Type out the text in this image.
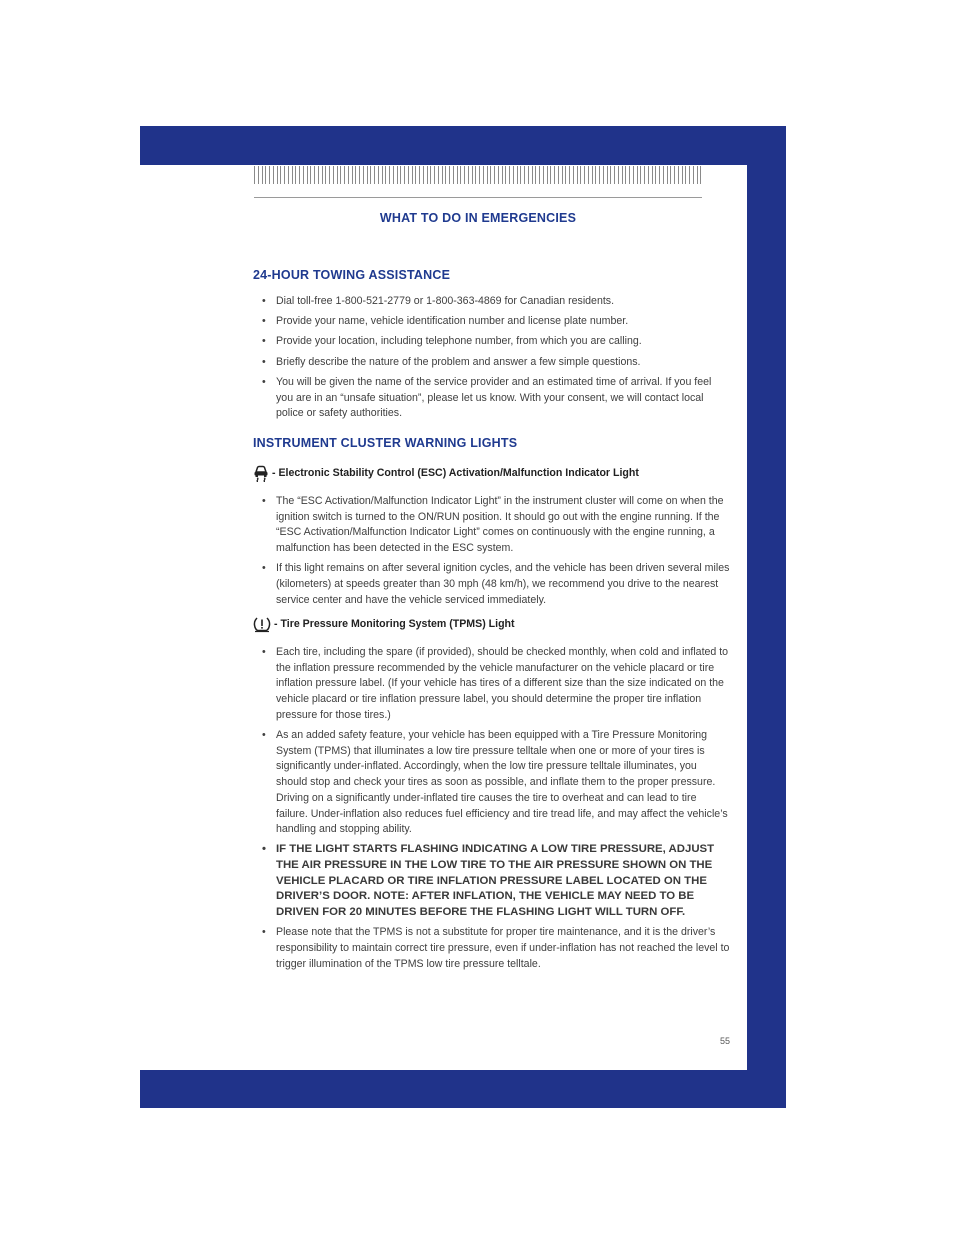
WHAT TO DO IN EMERGENCIES
24-HOUR TOWING ASSISTANCE
• Dial toll-free 1-800-521-2779 or 1-800-363-4869 for Canadian residents.
• Provide your name, vehicle identification number and license plate number.
• Provide your location, including telephone number, from which you are calling.
• Briefly describe the nature of the problem and answer a few simple questions.
• You will be given the name of the service provider and an estimated time of arrival. If you feel you are in an “unsafe situation”, please let us know. With your consent, we will contact local police or safety authorities.
INSTRUMENT CLUSTER WARNING LIGHTS
- Electronic Stability Control (ESC) Activation/Malfunction Indicator Light
• The “ESC Activation/Malfunction Indicator Light” in the instrument cluster will come on when the ignition switch is turned to the ON/RUN position. It should go out with the engine running. If the “ESC Activation/Malfunction Indicator Light” comes on continuously with the engine running, a malfunction has been detected in the ESC system.
• If this light remains on after several ignition cycles, and the vehicle has been driven several miles (kilometers) at speeds greater than 30 mph (48 km/h), we recommend you drive to the nearest service center and have the vehicle serviced immediately.
- Tire Pressure Monitoring System (TPMS) Light
• Each tire, including the spare (if provided), should be checked monthly, when cold and inflated to the inflation pressure recommended by the vehicle manufacturer on the vehicle placard or tire inflation pressure label. (If your vehicle has tires of a different size than the size indicated on the vehicle placard or tire inflation pressure label, you should determine the proper tire inflation pressure for those tires.)
• As an added safety feature, your vehicle has been equipped with a Tire Pressure Monitoring System (TPMS) that illuminates a low tire pressure telltale when one or more of your tires is significantly under-inflated. Accordingly, when the low tire pressure telltale illuminates, you should stop and check your tires as soon as possible, and inflate them to the proper pressure. Driving on a significantly under-inflated tire causes the tire to overheat and can lead to tire failure. Under-inflation also reduces fuel efficiency and tire tread life, and may affect the vehicle’s handling and stopping ability.
• IF THE LIGHT STARTS FLASHING INDICATING A LOW TIRE PRESSURE, ADJUST THE AIR PRESSURE IN THE LOW TIRE TO THE AIR PRESSURE SHOWN ON THE VEHICLE PLACARD OR TIRE INFLATION PRESSURE LABEL LOCATED ON THE DRIVER’S DOOR. NOTE: AFTER INFLATION, THE VEHICLE MAY NEED TO BE DRIVEN FOR 20 MINUTES BEFORE THE FLASHING LIGHT WILL TURN OFF.
• Please note that the TPMS is not a substitute for proper tire maintenance, and it is the driver’s responsibility to maintain correct tire pressure, even if under-inflation has not reached the level to trigger illumination of the TPMS low tire pressure telltale.
55
